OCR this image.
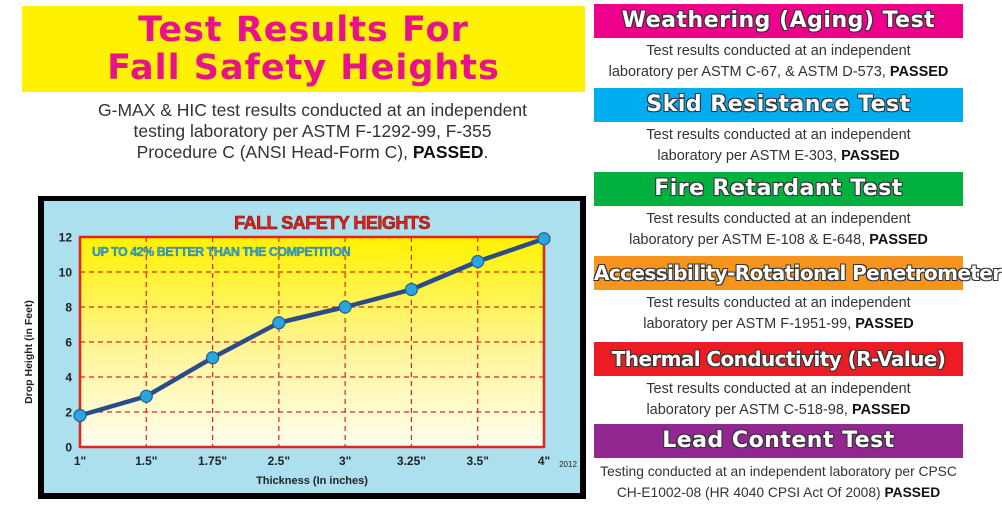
Test Results For
Fall Safety Heights
G-MAX & HIC test results conducted at an independent
testing laboratory per ASTM F-1292-99, F-355
Procedure C (ANSI Head-Form C), PASSED.
0
2
4
6
8
10
12
1"	1.5"	1.75"	2.5"	3"	3.25"	3.5"	4" 2012
Thickness (In inches)
Drop Height (in Feet)
FALL SAFETY HEIGHTS
UP TO 42% BETTER THAN THE COMPETITION
Weathering (Aging) Test
Test results conducted at an independent
laboratory per ASTM C-67, & ASTM D-573, PASSED
Skid Resistance Test
Test results conducted at an independent
laboratory per ASTM E-303, PASSED
Fire Retardant Test
Test results conducted at an independent
laboratory per ASTM E-108 & E-648, PASSED
Accessibility-Rotational Penetrometer
Test results conducted at an independent
laboratory per ASTM F-1951-99, PASSED
Thermal Conductivity (R-Value)
Test results conducted at an independent
laboratory per ASTM C-518-98, PASSED
Lead Content Test
Testing conducted at an independent laboratory per CPSC
CH-E1002-08 (HR 4040 CPSI Act Of 2008) PASSED
